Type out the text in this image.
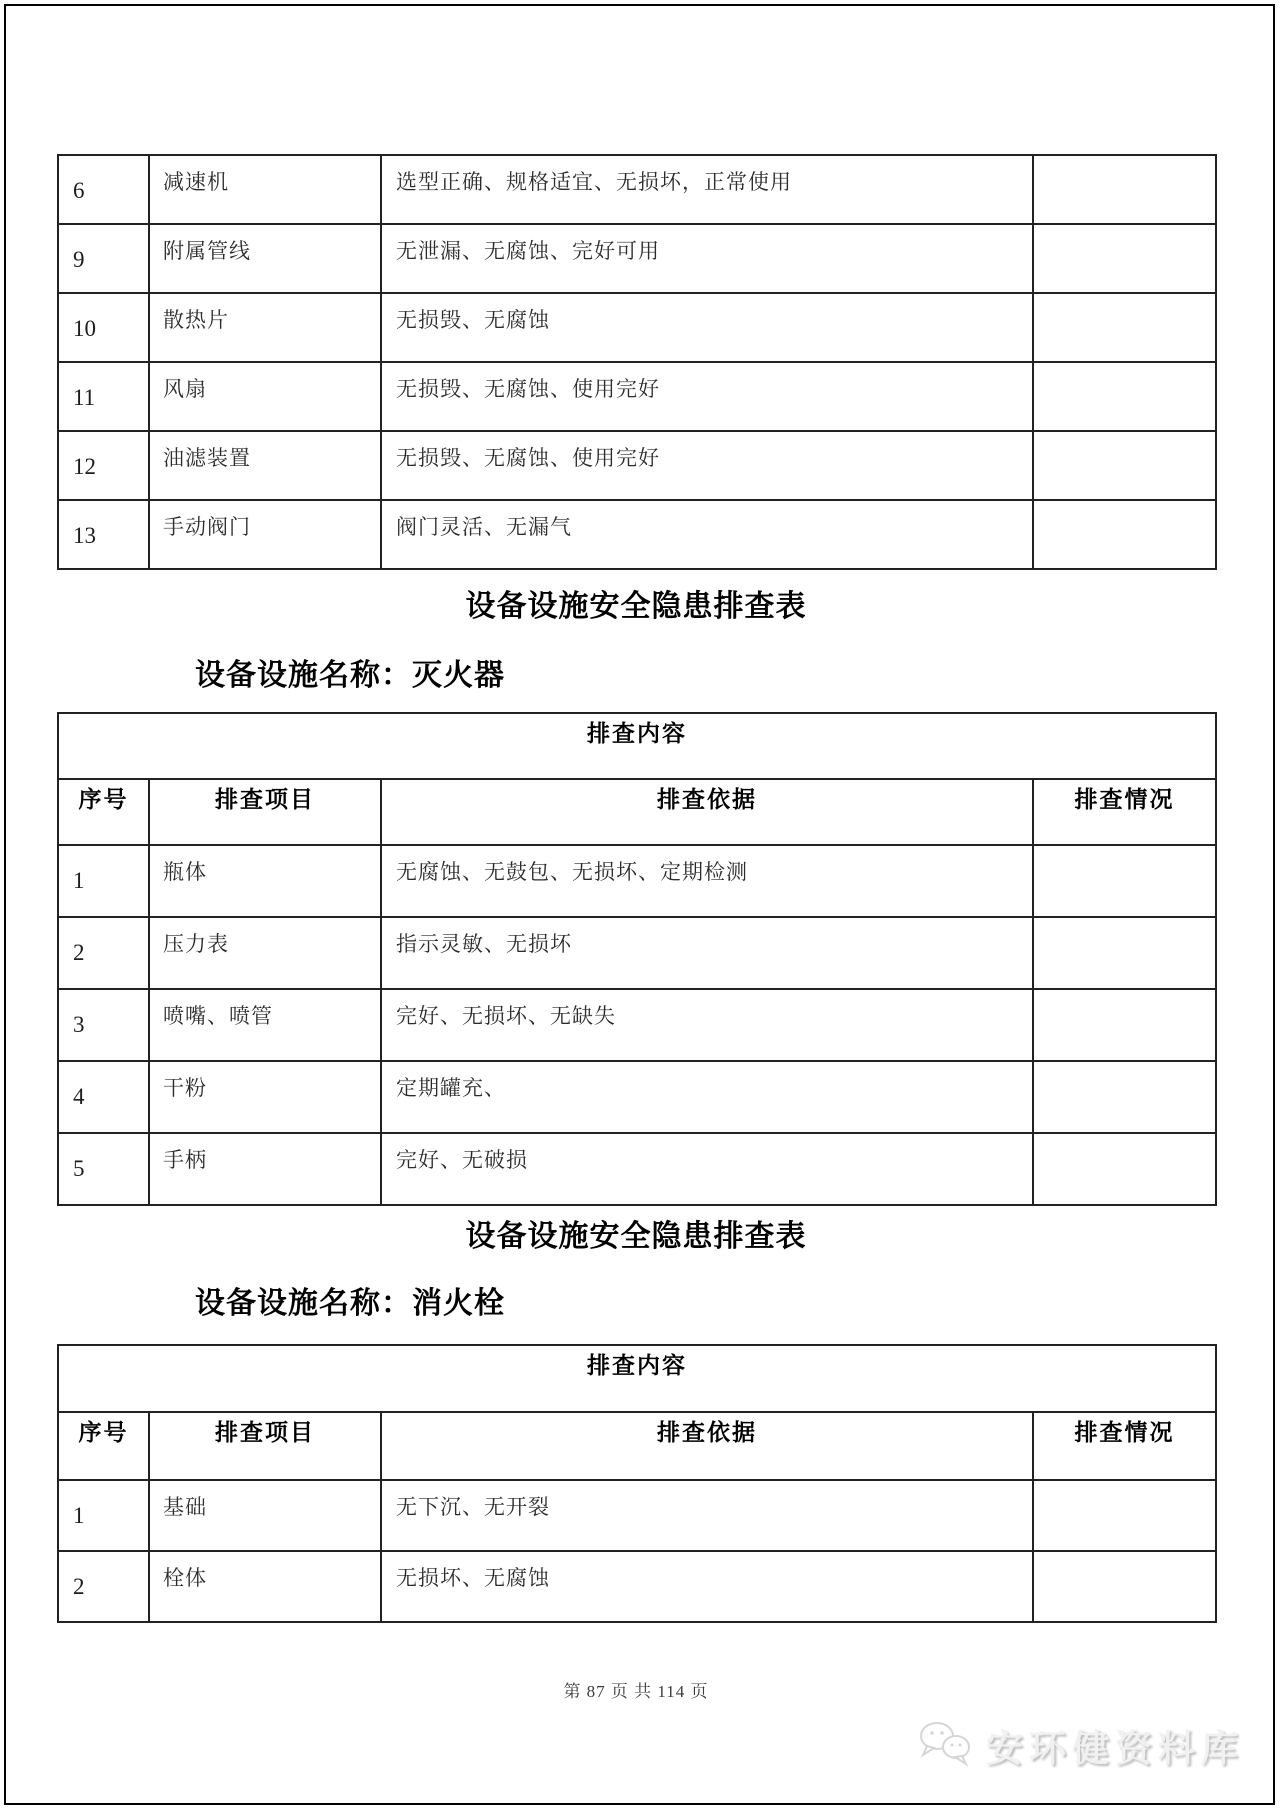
6	减速机	选型正确、规格适宜、无损坏，正常使用	
9	附属管线	无泄漏、无腐蚀、完好可用	
10	散热片	无损毁、无腐蚀	
11	风扇	无损毁、无腐蚀、使用完好	
12	油滤装置	无损毁、无腐蚀、使用完好	
13	手动阀门	阀门灵活、无漏气	
设备设施安全隐患排查表
设备设施名称：灭火器
排查内容			
序号	排查项目	排查依据	排查情况
1	瓶体	无腐蚀、无鼓包、无损坏、定期检测	
2	压力表	指示灵敏、无损坏	
3	喷嘴、喷管	完好、无损坏、无缺失	
4	干粉	定期罐充、	
5	手柄	完好、无破损	
设备设施安全隐患排查表
设备设施名称：消火栓
排查内容			
序号	排查项目	排查依据	排查情况
1	基础	无下沉、无开裂	
2	栓体	无损坏、无腐蚀	
第 87 页 共 114 页
安环健资料库
